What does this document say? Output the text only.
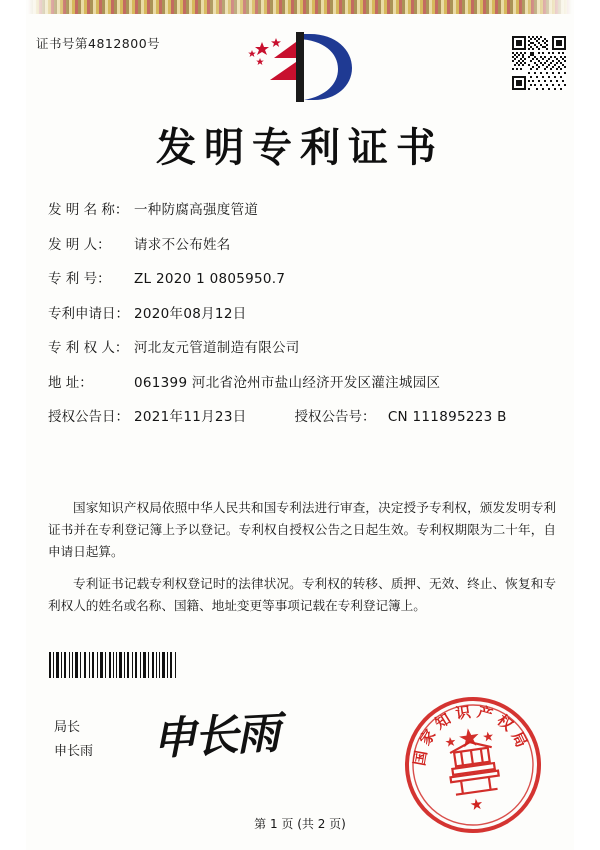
证书号第4812800号
发明专利证书
发 明 名 称： 一种防腐高强度管道
发 明 人：	请求不公布姓名
专 利 号：	ZL 2020 1 0805950.7
专利申请日： 2020年08月12日
专 利 权 人： 河北友元管道制造有限公司
地 址：	061399 河北省沧州市盐山经济开发区灌注城园区
授权公告日： 2021年11月23日	授权公告号： CN 111895223 B

国家知识产权局依照中华人民共和国专利法进行审查，决定授予专利权，颁发发明专利证书并在专利登记簿上予以登记。专利权自授权公告之日起生效。专利权期限为二十年，自申请日起算。

专利证书记载专利权登记时的法律状况。专利权的转移、质押、无效、终止、恢复和专利权人的姓名或名称、国籍、地址变更等事项记载在专利登记簿上。

局长
申长雨 申长雨	国家知识产权局
★
第 1 页 (共 2 页)
